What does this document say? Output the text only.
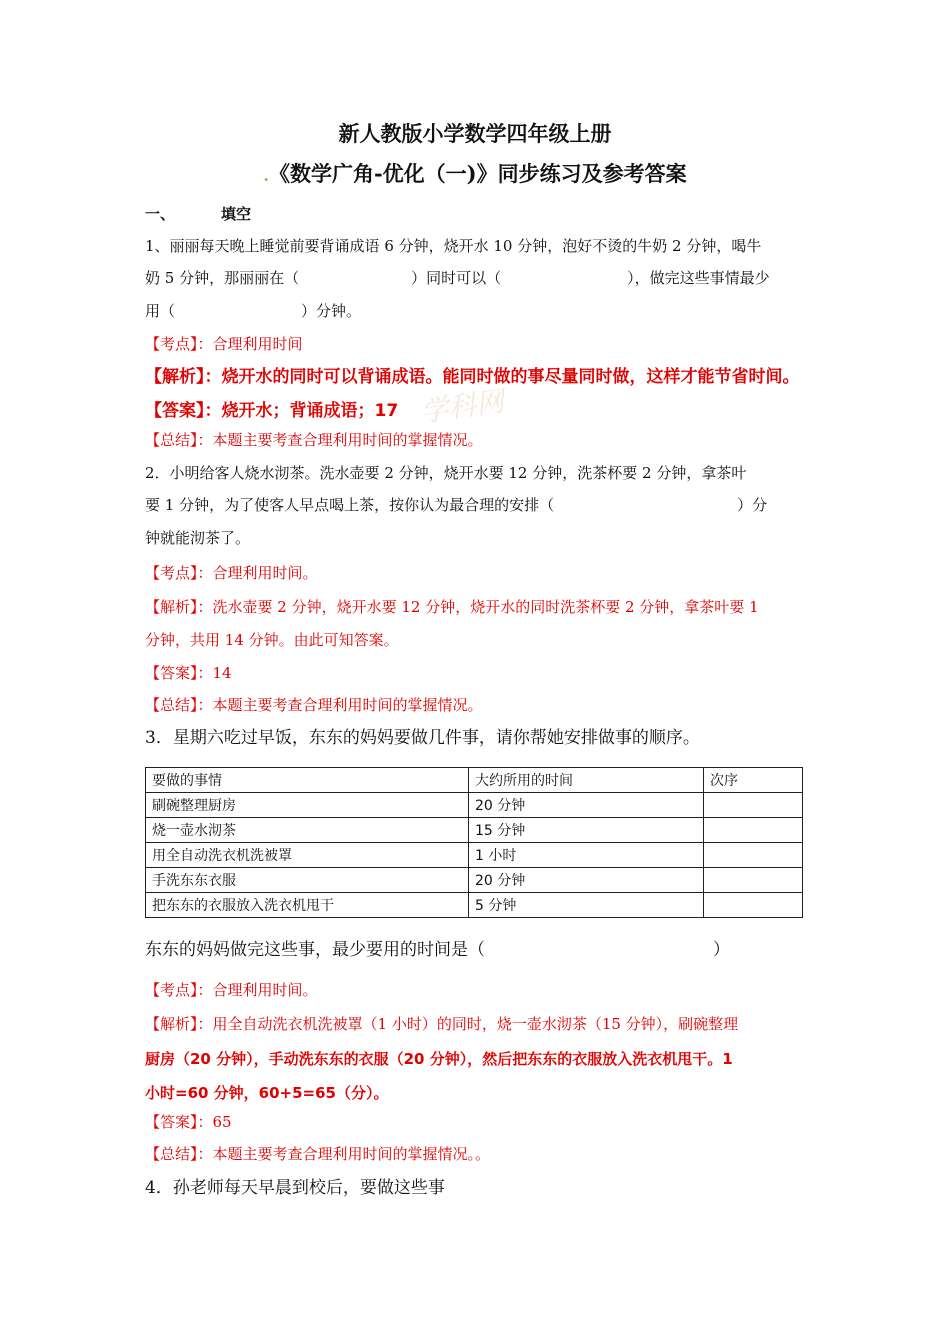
新人教版小学数学四年级上册
.《数学广角-优化（一)》同步练习及参考答案
学科网
一、	填空
1、丽丽每天晚上睡觉前要背诵成语 6 分钟，烧开水 10 分钟，泡好不烫的牛奶 2 分钟，喝牛
奶 5 分钟，那丽丽在（	）同时可以（	），做完这些事情最少
用（	）分钟。
【考点】：合理利用时间
【解析】：烧开水的同时可以背诵成语。能同时做的事尽量同时做，这样才能节省时间。
【答案】：烧开水；背诵成语；17
【总结】：本题主要考查合理利用时间的掌握情况。
2．小明给客人烧水沏茶。洗水壶要 2 分钟，烧开水要 12 分钟，洗茶杯要 2 分钟，拿茶叶
要 1 分钟，为了使客人早点喝上茶，按你认为最合理的安排（	）分
钟就能沏茶了。
【考点】：合理利用时间。
【解析】：洗水壶要 2 分钟，烧开水要 12 分钟，烧开水的同时洗茶杯要 2 分钟，拿茶叶要 1
分钟，共用 14 分钟。由此可知答案。
【答案】：14
【总结】：本题主要考查合理利用时间的掌握情况。
3．星期六吃过早饭，东东的妈妈要做几件事，请你帮她安排做事的顺序。
要做的事情	大约所用的时间	次序
刷碗整理厨房	20 分钟	
烧一壶水沏茶	15 分钟	
用全自动洗衣机洗被罩	1 小时	
手洗东东衣服	20 分钟	
把东东的衣服放入洗衣机甩干	5 分钟	
东东的妈妈做完这些事，最少要用的时间是（	）
【考点】：合理利用时间。
【解析】：用全自动洗衣机洗被罩（1 小时）的同时，烧一壶水沏茶（15 分钟），刷碗整理
厨房（20 分钟），手动洗东东的衣服（20 分钟），然后把东东的衣服放入洗衣机甩干。1
小时=60 分钟，60+5=65（分）。
【答案】：65
【总结】：本题主要考查合理利用时间的掌握情况。。
4．孙老师每天早晨到校后，要做这些事
